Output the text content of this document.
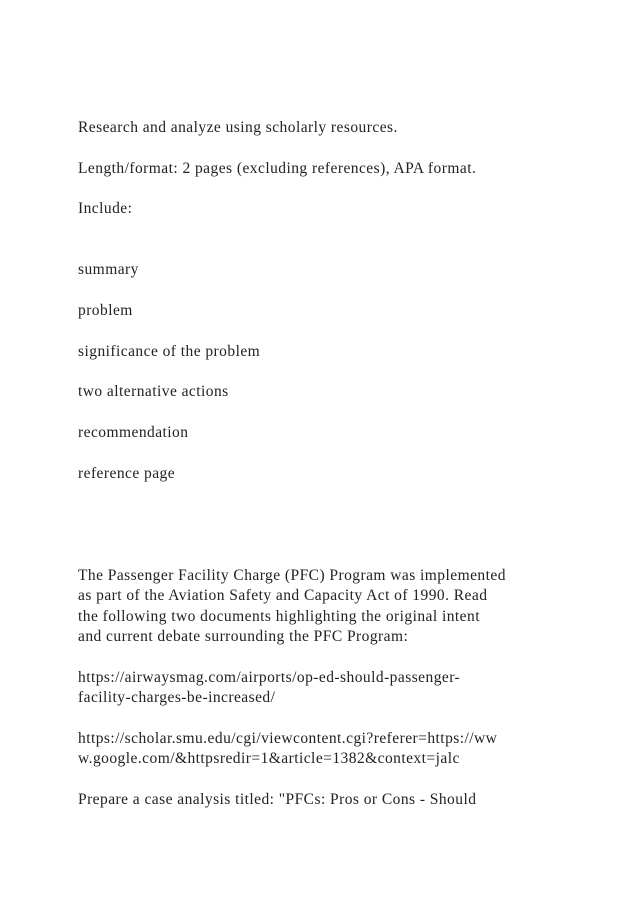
Research and analyze using scholarly resources.

Length/format: 2 pages (excluding references), APA format.

Include:

summary

problem

significance of the problem

two alternative actions

recommendation

reference page

The Passenger Facility Charge (PFC) Program was implemented

as part of the Aviation Safety and Capacity Act of 1990. Read

the following two documents highlighting the original intent

and current debate surrounding the PFC Program:

https://airwaysmag.com/airports/op-ed-should-passenger-

facility-charges-be-increased/

https://scholar.smu.edu/cgi/viewcontent.cgi?referer=https://ww

w.google.com/&httpsredir=1&article=1382&context=jalc

Prepare a case analysis titled: "PFCs: Pros or Cons - Should
